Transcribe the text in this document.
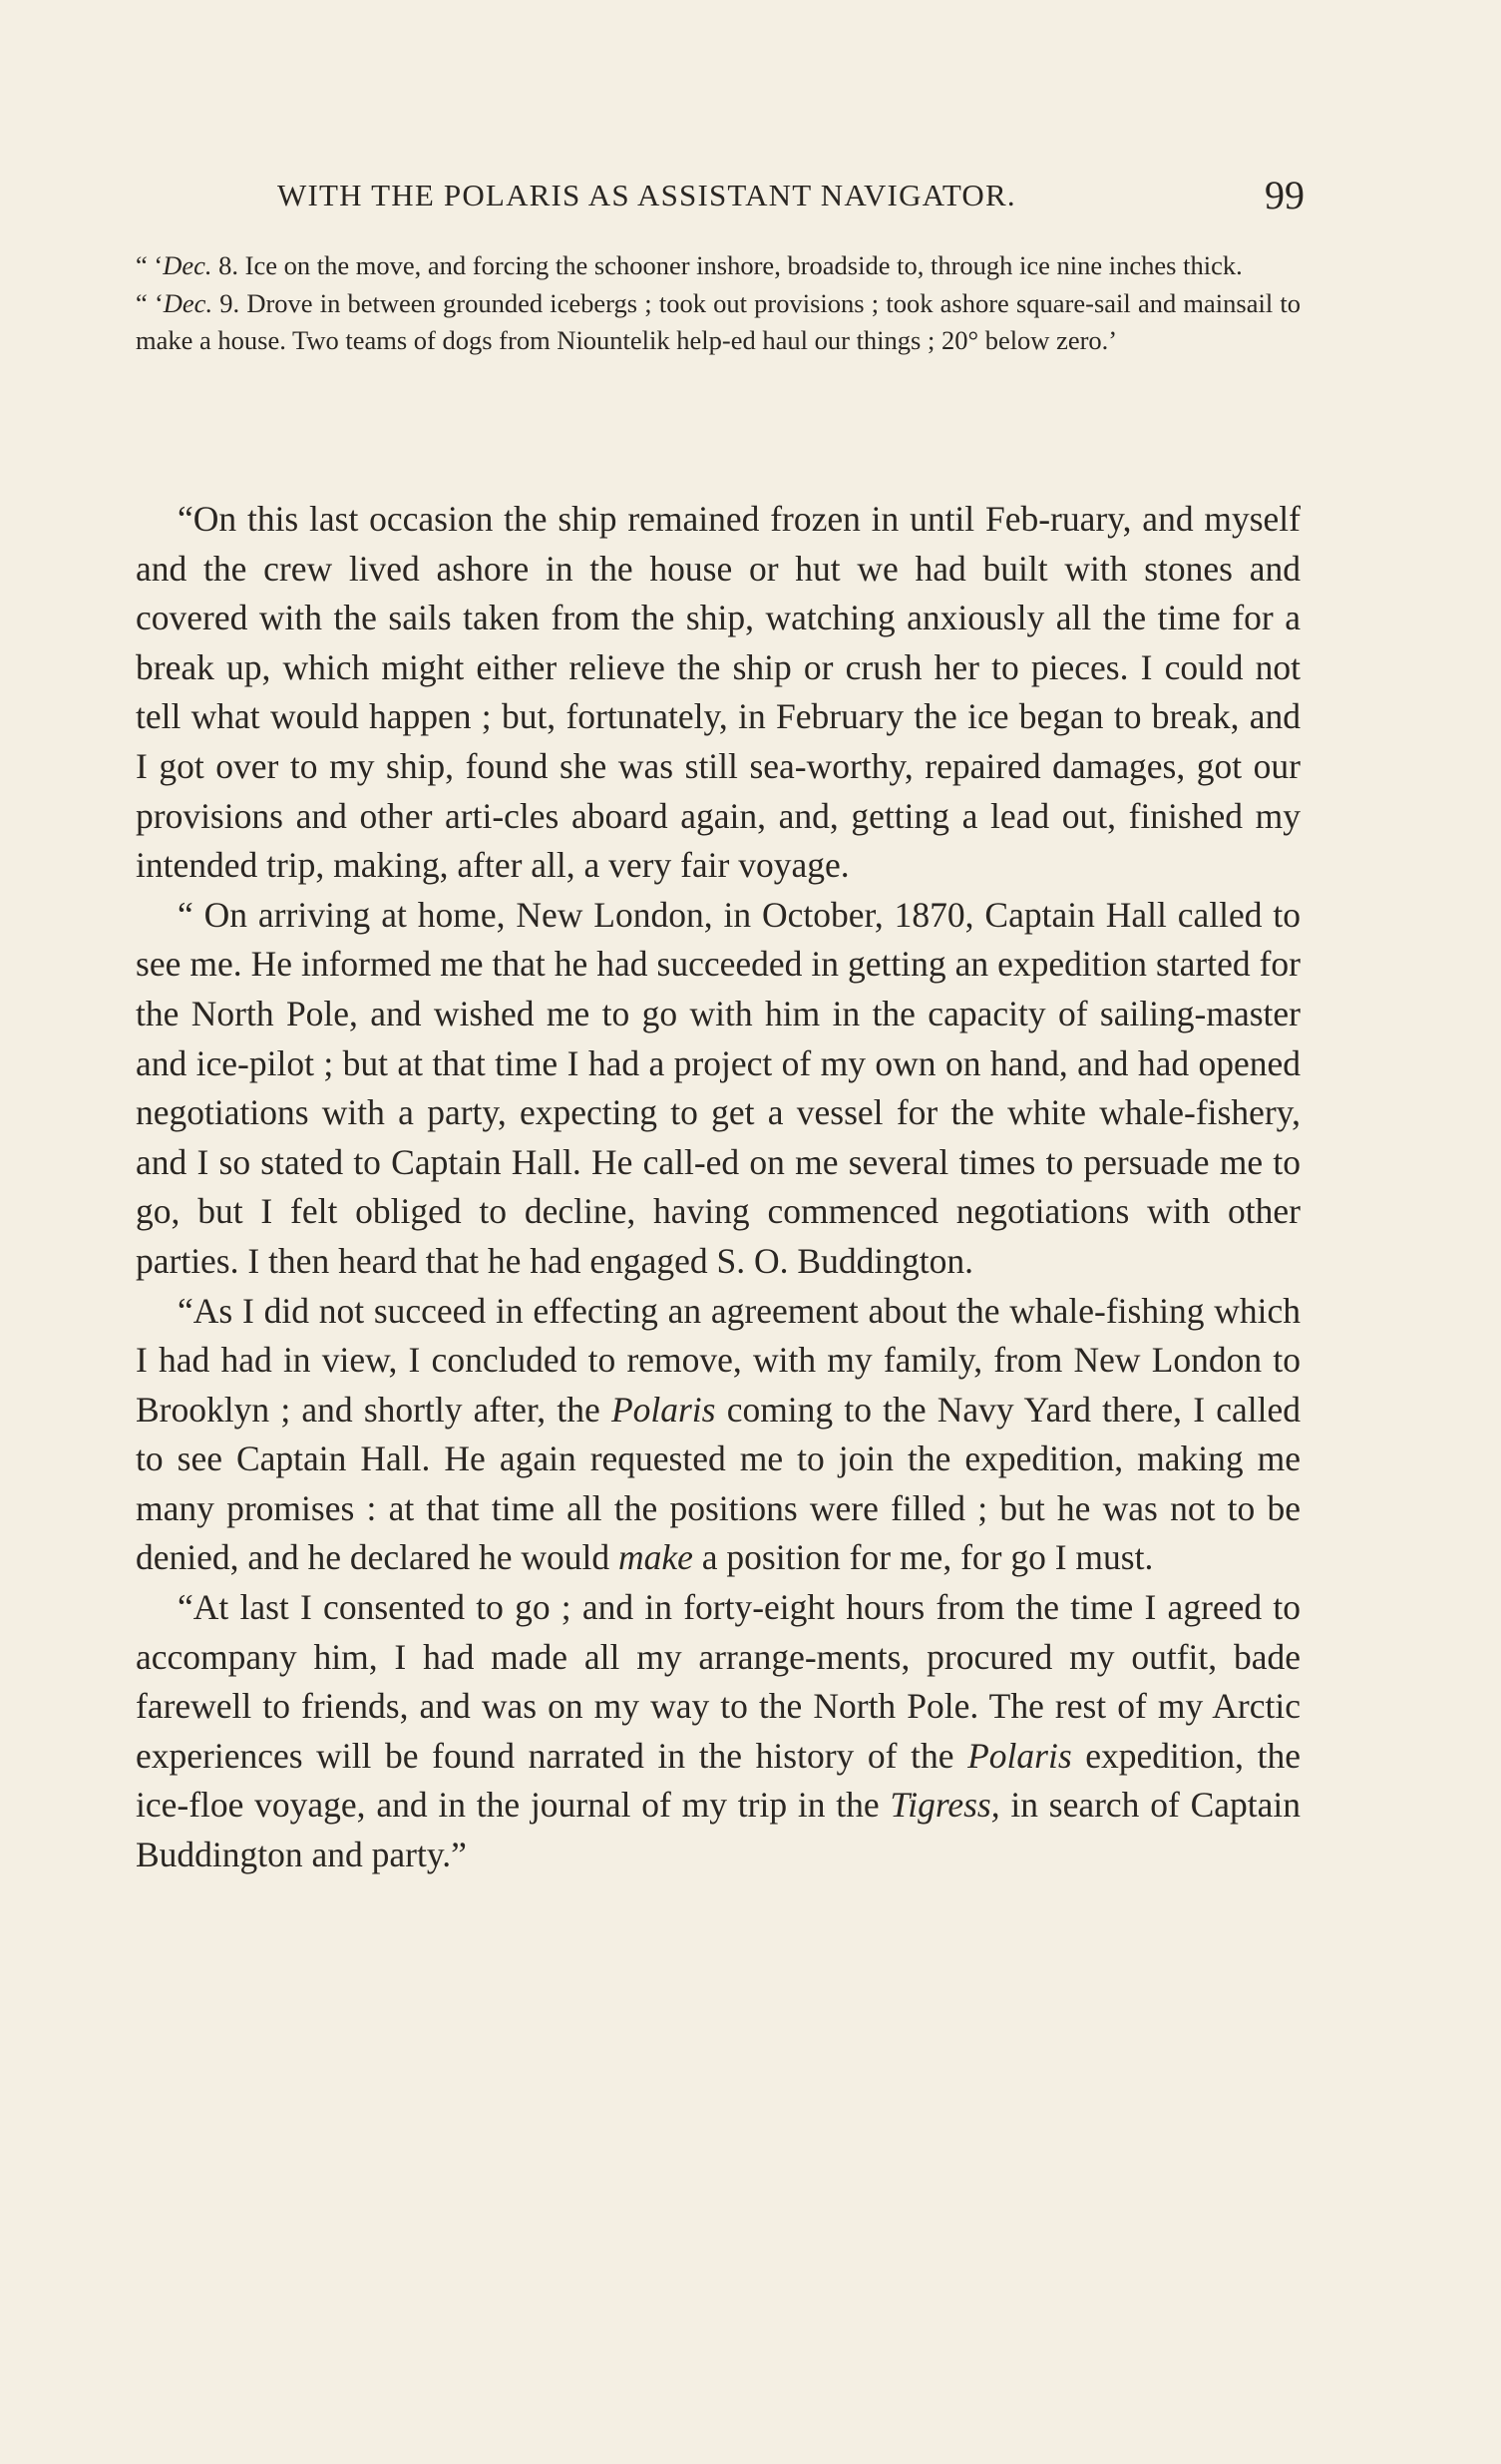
WITH THE POLARIS AS ASSISTANT NAVIGATOR.	99

“ ‘Dec. 8. Ice on the move, and forcing the schooner inshore, broadside to, through ice nine inches thick.

“ ‘Dec. 9. Drove in between grounded icebergs ; took out provisions ; took ashore square-sail and mainsail to make a house. Two teams of dogs from Niountelik help-ed haul our things ; 20° below zero.’

“On this last occasion the ship remained frozen in until Feb-ruary, and myself and the crew lived ashore in the house or hut we had built with stones and covered with the sails taken from the ship, watching anxiously all the time for a break up, which might either relieve the ship or crush her to pieces. I could not tell what would happen ; but, fortunately, in February the ice began to break, and I got over to my ship, found she was still sea-worthy, repaired damages, got our provisions and other arti-cles aboard again, and, getting a lead out, finished my intended trip, making, after all, a very fair voyage.

“ On arriving at home, New London, in October, 1870, Captain Hall called to see me. He informed me that he had succeeded in getting an expedition started for the North Pole, and wished me to go with him in the capacity of sailing-master and ice-pilot ; but at that time I had a project of my own on hand, and had opened negotiations with a party, expecting to get a vessel for the white whale-fishery, and I so stated to Captain Hall. He call-ed on me several times to persuade me to go, but I felt obliged to decline, having commenced negotiations with other parties. I then heard that he had engaged S. O. Buddington.

“As I did not succeed in effecting an agreement about the whale-fishing which I had had in view, I concluded to remove, with my family, from New London to Brooklyn ; and shortly after, the Polaris coming to the Navy Yard there, I called to see Captain Hall. He again requested me to join the expedition, making me many promises : at that time all the positions were filled ; but he was not to be denied, and he declared he would make a position for me, for go I must.

“At last I consented to go ; and in forty-eight hours from the time I agreed to accompany him, I had made all my arrange-ments, procured my outfit, bade farewell to friends, and was on my way to the North Pole. The rest of my Arctic experiences will be found narrated in the history of the Polaris expedition, the ice-floe voyage, and in the journal of my trip in the Tigress, in search of Captain Buddington and party.”
